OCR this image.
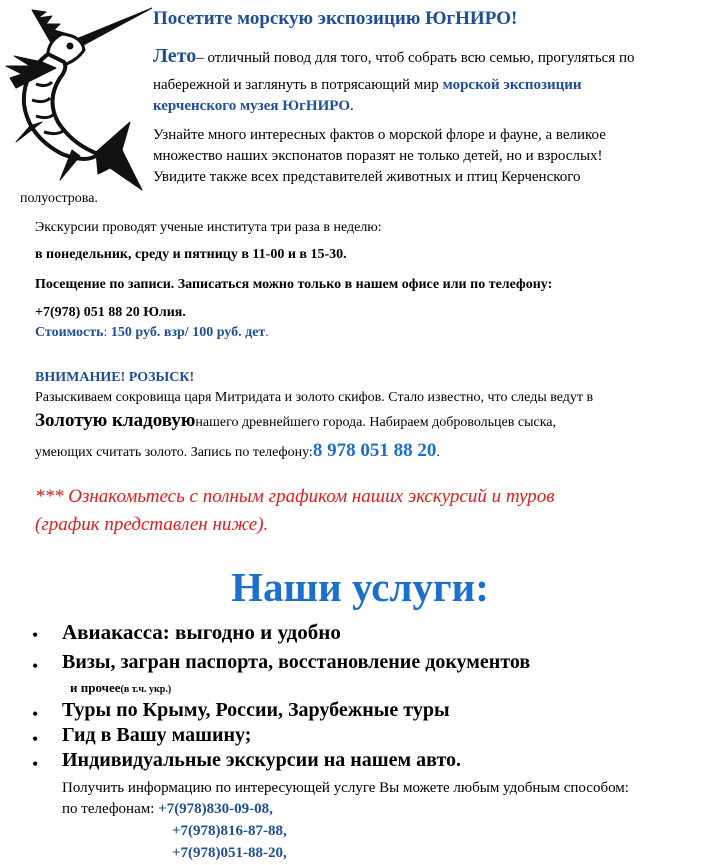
Посетите морскую экспозицию ЮгНИРО!
Лето– отличный повод для того, чтоб собрать всю семью, прогуляться по
набережной и заглянуть в потрясающий мир морской экспозиции
керченского музея ЮгНИРО.
Узнайте много интересных фактов о морской флоре и фауне, а великое
множество наших экспонатов поразят не только детей, но и взрослых!
Увидите также всех представителей животных и птиц Керченского
полуострова.
Экскурсии проводят ученые института три раза в неделю:
в понедельник, среду и пятницу в 11-00 и в 15-30.
Посещение по записи. Записаться можно только в нашем офисе или по телефону:
+7(978) 051 88 20 Юлия.
Стоимость: 150 руб. взр/ 100 руб. дет.
ВНИМАНИЕ! РОЗЫСК!
Разыскиваем сокровища царя Митридата и золото скифов. Стало известно, что следы ведут в
Золотую кладовуюнашего древнейшего города. Набираем добровольцев сыска,
умеющих считать золото. Запись по телефону:8 978 051 88 20.
*** Ознакомьтесь с полным графиком наших экскурсий и туров
(график представлен ниже).
Наши услуги:
• Авиакасса: выгодно и удобно
• Визы, загран паспорта, восстановление документов
и прочее(в т.ч. укр.)
• Туры по Крыму, России, Зарубежные туры
• Гид в Вашу машину;
• Индивидуальные экскурсии на нашем авто.
Получить информацию по интересующей услуге Вы можете любым удобным способом:
по телефонам: +7(978)830-09-08,
+7(978)816-87-88,
+7(978)051-88-20,
